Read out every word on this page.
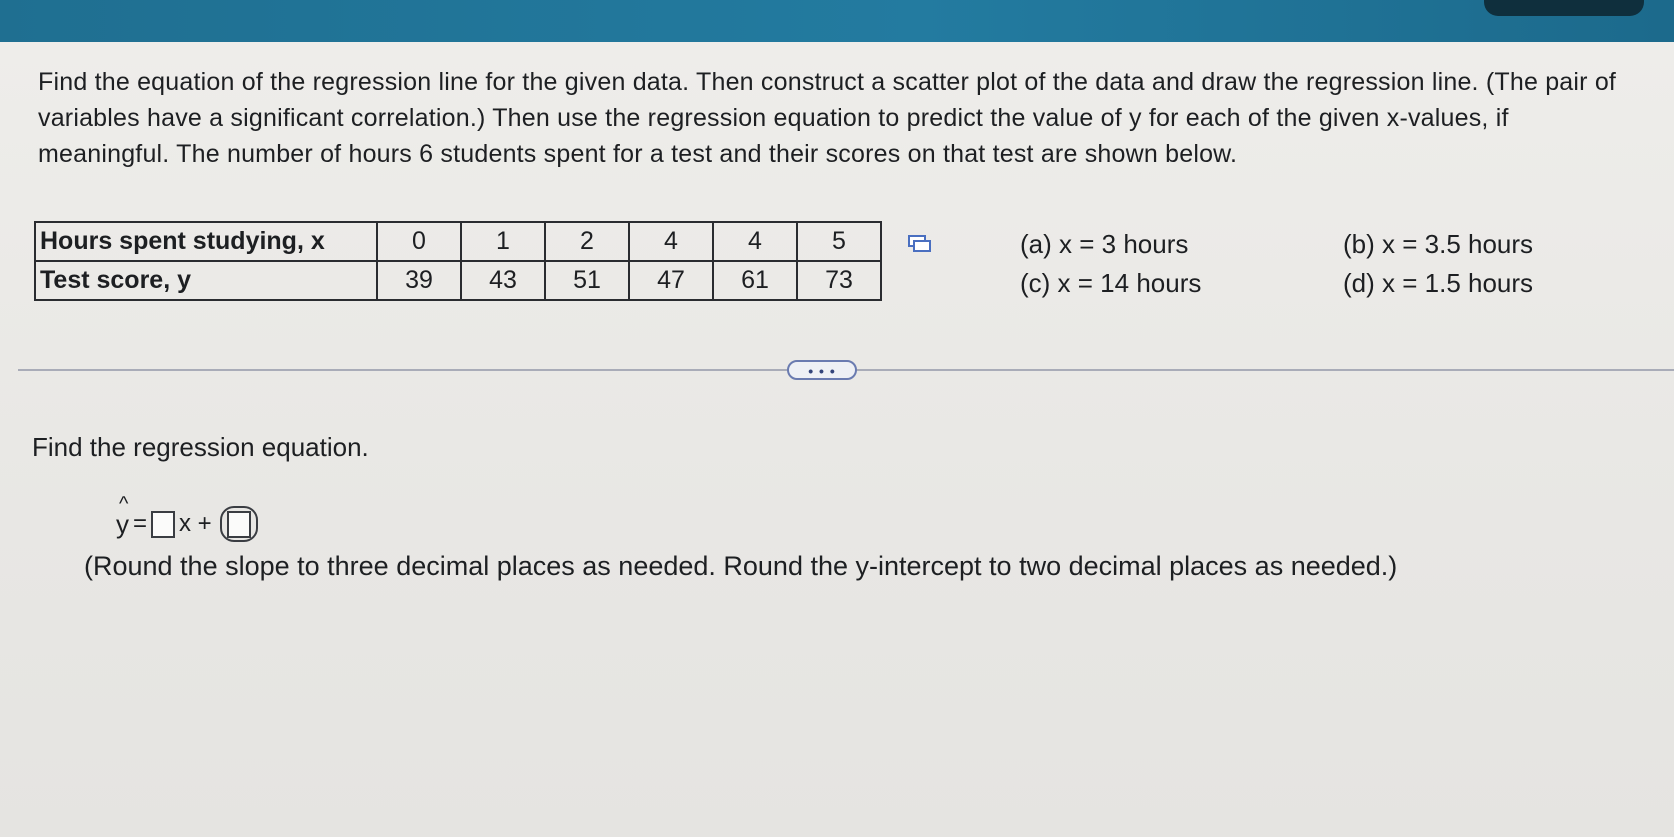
Find the equation of the regression line for the given data. Then construct a scatter plot of the data and draw the regression line. (The pair of variables have a significant correlation.) Then use the regression equation to predict the value of y for each of the given x-values, if meaningful. The number of hours 6 students spent for a test and their scores on that test are shown below.
Hours spent studying, x	0	1	2	4	4	5
Test score, y	39	43	51	47	61	73
(a) x = 3 hours	(b) x = 3.5 hours
(c) x = 14 hours	(d) x = 1.5 hours
• • •
Find the regression equation.
^
y = x +
(Round the slope to three decimal places as needed. Round the y-intercept to two decimal places as needed.)
